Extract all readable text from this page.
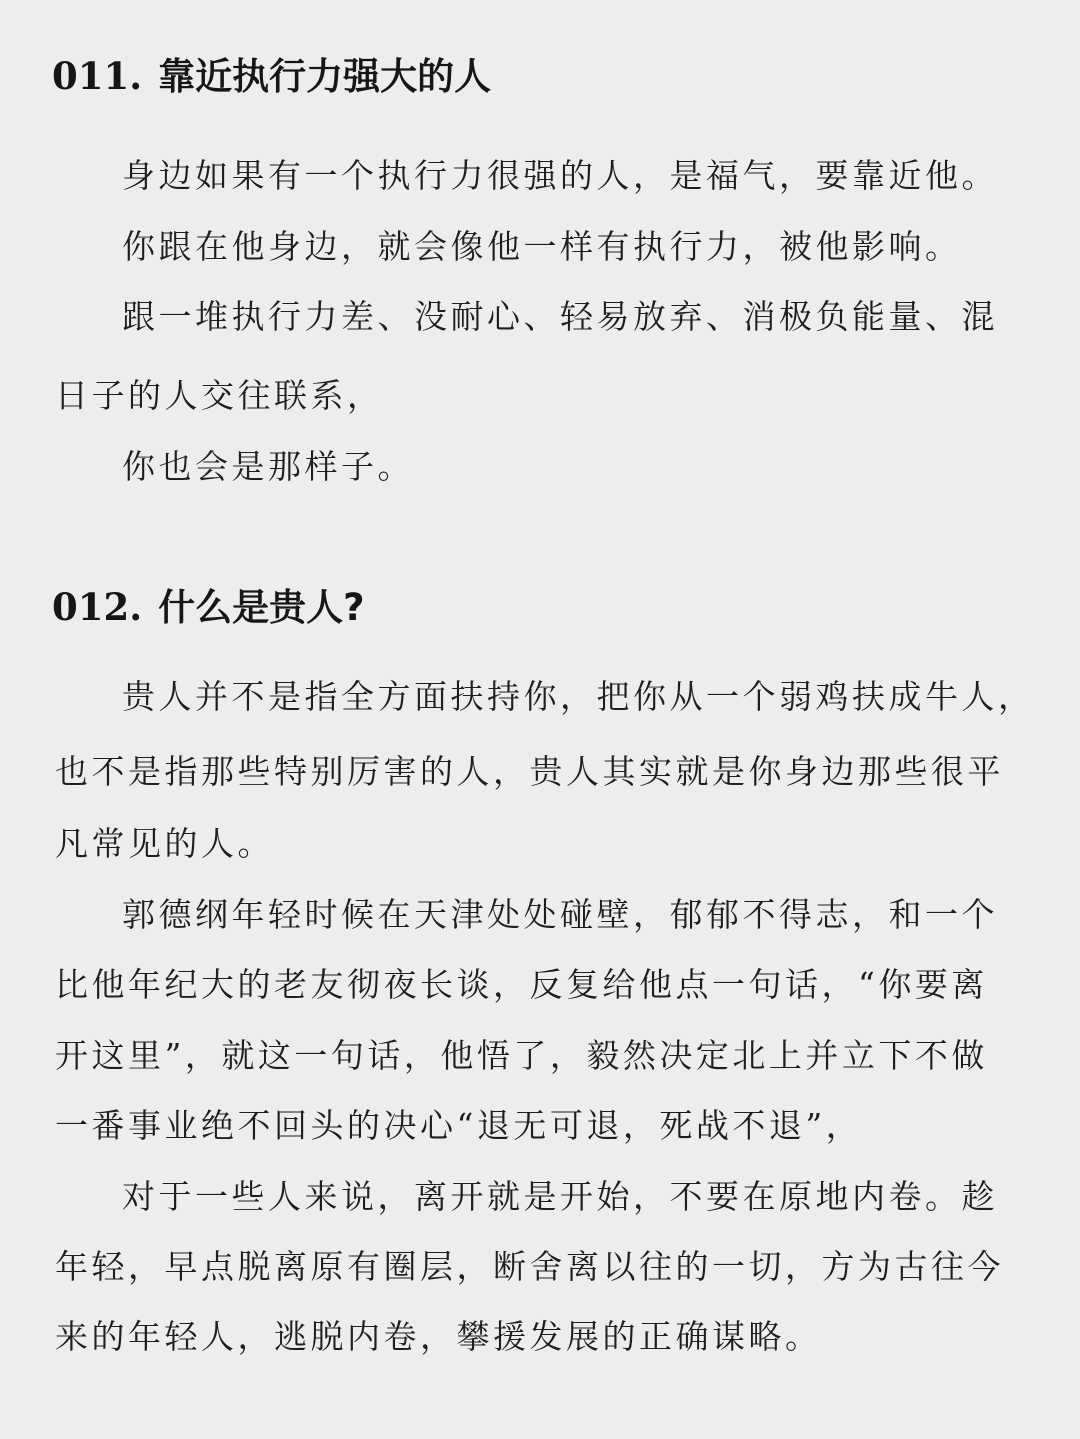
011. 靠近执行力强大的人
身边如果有一个执行力很强的人，是福气，要靠近他。
你跟在他身边，就会像他一样有执行力，被他影响。
跟一堆执行力差、没耐心、轻易放弃、消极负能量、混
日子的人交往联系，
你也会是那样子。
012. 什么是贵人?
贵人并不是指全方面扶持你，把你从一个弱鸡扶成牛人，
也不是指那些特别厉害的人，贵人其实就是你身边那些很平
凡常见的人。
郭德纲年轻时候在天津处处碰壁，郁郁不得志，和一个
比他年纪大的老友彻夜长谈，反复给他点一句话，“你要离
开这里”，就这一句话，他悟了，毅然决定北上并立下不做
一番事业绝不回头的决心“退无可退，死战不退”，
对于一些人来说，离开就是开始，不要在原地内卷。趁
年轻，早点脱离原有圈层，断舍离以往的一切，方为古往今
来的年轻人，逃脱内卷，攀援发展的正确谋略。
